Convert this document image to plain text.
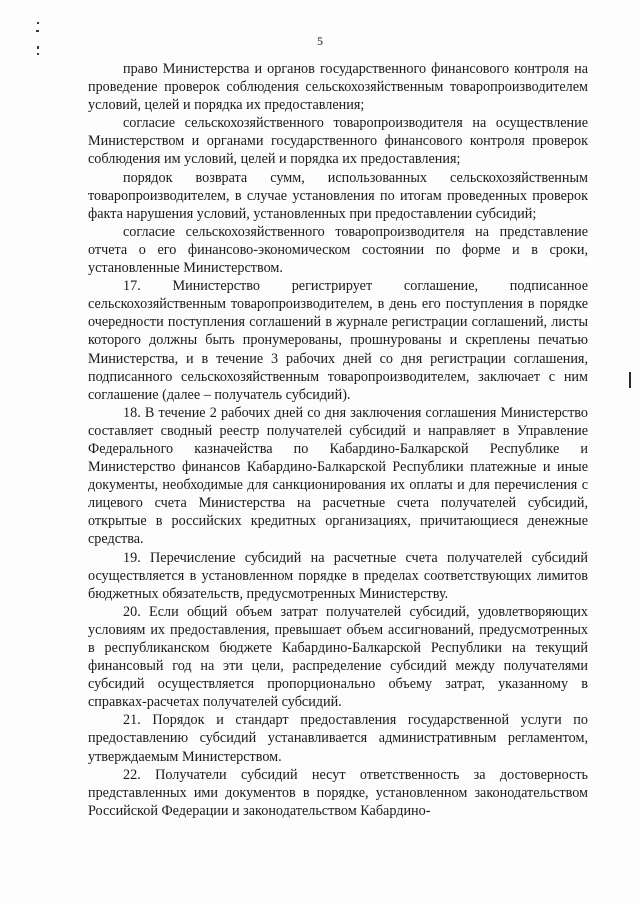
5

право Министерства и органов государственного финансового контроля на проведение проверок соблюдения сельскохозяйственным товаропроизводителем условий, целей и порядка их предоставления;

согласие сельскохозяйственного товаропроизводителя на осуществление Министерством и органами государственного финансового контроля проверок соблюдения им условий, целей и порядка их предоставления;

порядок возврата сумм, использованных сельскохозяйственным товаропроизводителем, в случае установления по итогам проведенных проверок факта нарушения условий, установленных при предоставлении субсидий;

согласие сельскохозяйственного товаропроизводителя на представление отчета о его финансово-экономическом состоянии по форме и в сроки, установленные Министерством.

17. Министерство регистрирует соглашение, подписанное сельскохозяйственным товаропроизводителем, в день его поступления в порядке очередности поступления соглашений в журнале регистрации соглашений, листы которого должны быть пронумерованы, прошнурованы и скреплены печатью Министерства, и в течение 3 рабочих дней со дня регистрации соглашения, подписанного сельскохозяйственным товаропроизводителем, заключает с ним соглашение (далее – получатель субсидий).

18. В течение 2 рабочих дней со дня заключения соглашения Министерство составляет сводный реестр получателей субсидий и направляет в Управление Федерального казначейства по Кабардино-Балкарской Республике и Министерство финансов Кабардино-Балкарской Республики платежные и иные документы, необходимые для санкционирования их оплаты и для перечисления с лицевого счета Министерства на расчетные счета получателей субсидий, открытые в российских кредитных организациях, причитающиеся денежные средства.

19. Перечисление субсидий на расчетные счета получателей субсидий осуществляется в установленном порядке в пределах соответствующих лимитов бюджетных обязательств, предусмотренных Министерству.

20. Если общий объем затрат получателей субсидий, удовлетворяющих условиям их предоставления, превышает объем ассигнований, предусмотренных в республиканском бюджете Кабардино-Балкарской Республики на текущий финансовый год на эти цели, распределение субсидий между получателями субсидий осуществляется пропорционально объему затрат, указанному в справках-расчетах получателей субсидий.

21. Порядок и стандарт предоставления государственной услуги по предоставлению субсидий устанавливается административным регламентом, утверждаемым Министерством.

22. Получатели субсидий несут ответственность за достоверность представленных ими документов в порядке, установленном законодательством Российской Федерации и законодательством Кабардино-
